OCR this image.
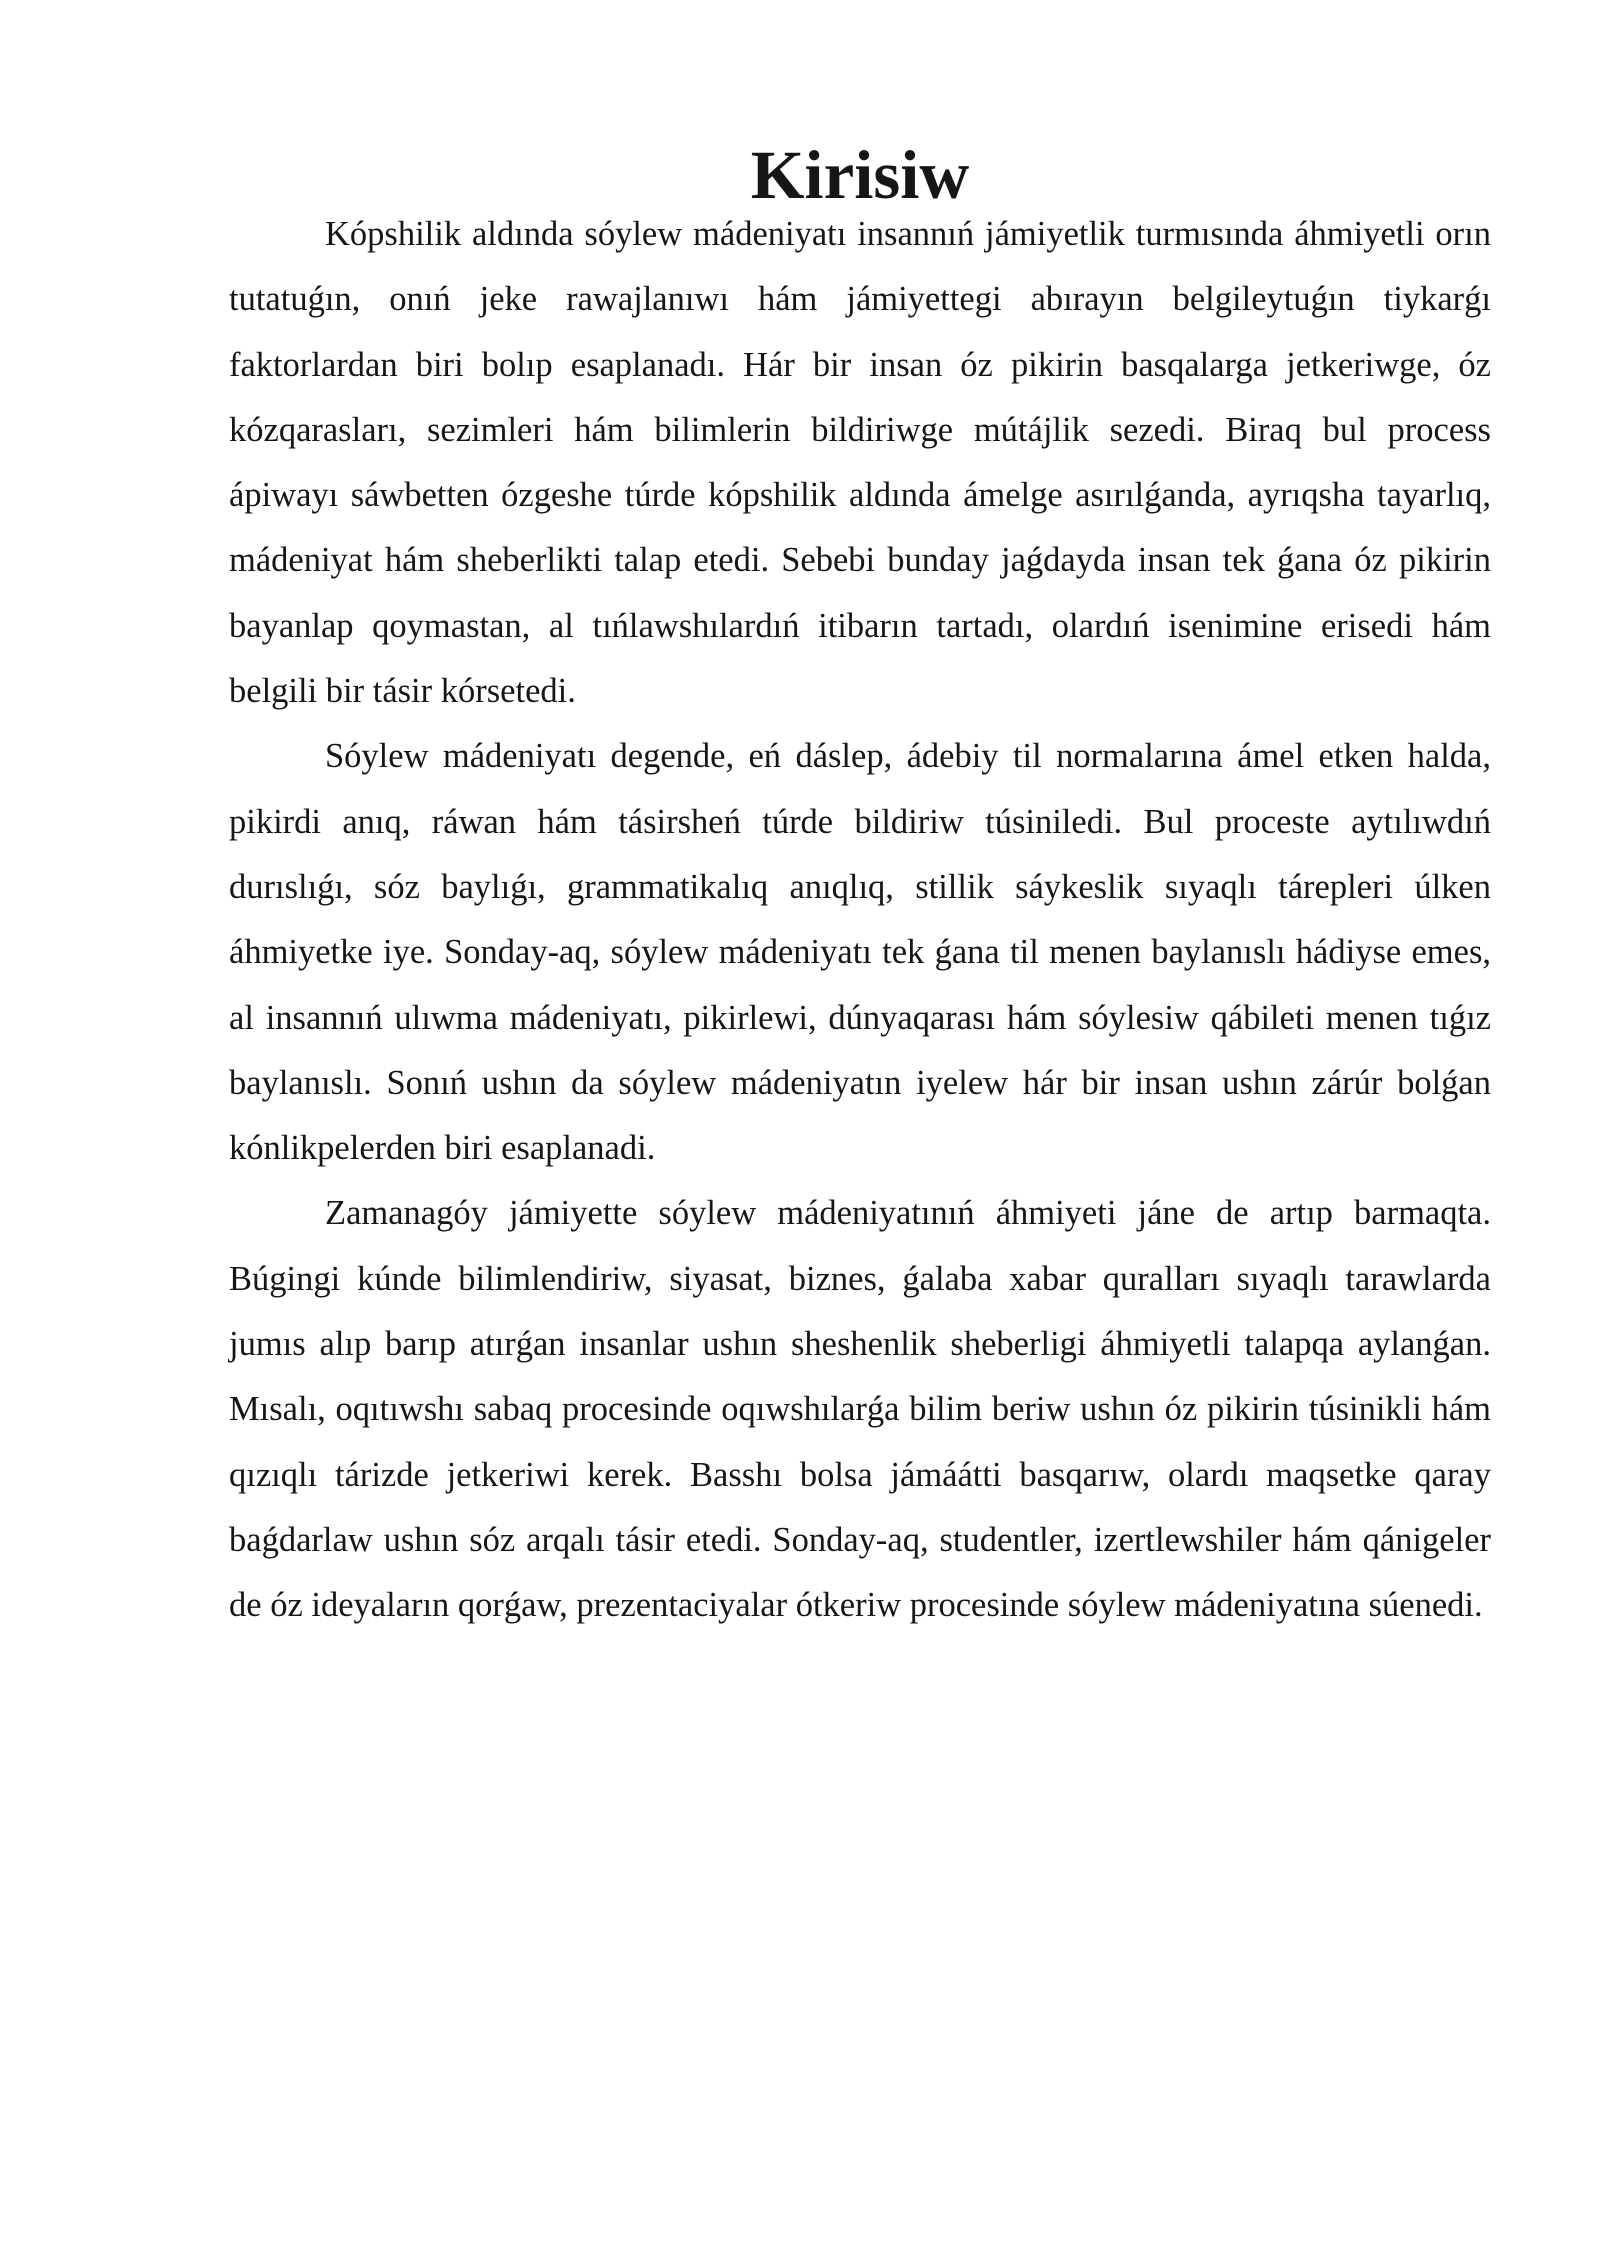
Kirisiw

Kópshilik aldında sóylew mádeniyatı insannıń jámiyetlik turmısında áhmiyetli orın tutatuǵın, onıń jeke rawajlanıwı hám jámiyettegi abırayın belgileytuǵın tiykarǵı faktorlardan biri bolıp esaplanadı. Hár bir insan óz pikirin basqalarga jetkeriwge, óz kózqarasları, sezimleri hám bilimlerin bildiriwge mútájlik sezedi. Biraq bul process ápiwayı sáwbetten ózgeshe túrde kópshilik aldında ámelge asırılǵanda, ayrıqsha tayarlıq, mádeniyat hám sheberlikti talap etedi. Sebebi bunday jaǵdayda insan tek ǵana óz pikirin bayanlap qoymastan, al tıńlawshılardıń itibarın tartadı, olardıń isenimine erisedi hám belgili bir tásir kórsetedi.

Sóylew mádeniyatı degende, eń dáslep, ádebiy til normalarına ámel etken halda, pikirdi anıq, ráwan hám tásirsheń túrde bildiriw túsiniledi. Bul proceste aytılıwdıń durıslıǵı, sóz baylıǵı, grammatikalıq anıqlıq, stillik sáykeslik sıyaqlı tárepleri úlken áhmiyetke iye. Sonday-aq, sóylew mádeniyatı tek ǵana til menen baylanıslı hádiyse emes, al insannıń ulıwma mádeniyatı, pikirlewi, dúnyaqarası hám sóylesiw qábileti menen tıǵız baylanıslı. Sonıń ushın da sóylew mádeniyatın iyelew hár bir insan ushın zárúr bolǵan kónlikpelerden biri esaplanadi.

Zamanagóy jámiyette sóylew mádeniyatınıń áhmiyeti jáne de artıp barmaqta. Búgingi kúnde bilimlendiriw, siyasat, biznes, ǵalaba xabar quralları sıyaqlı tarawlarda jumıs alıp barıp atırǵan insanlar ushın sheshenlik sheberligi áhmiyetli talapqa aylanǵan. Mısalı, oqıtıwshı sabaq procesinde oqıwshılarǵa bilim beriw ushın óz pikirin túsinikli hám qızıqlı tárizde jetkeriwi kerek. Basshı bolsa jámáátti basqarıw, olardı maqsetke qaray baǵdarlaw ushın sóz arqalı tásir etedi. Sonday-aq, studentler, izertlewshiler hám qánigeler de óz ideyaların qorǵaw, prezentaciyalar ótkeriw procesinde sóylew mádeniyatına súenedi.
